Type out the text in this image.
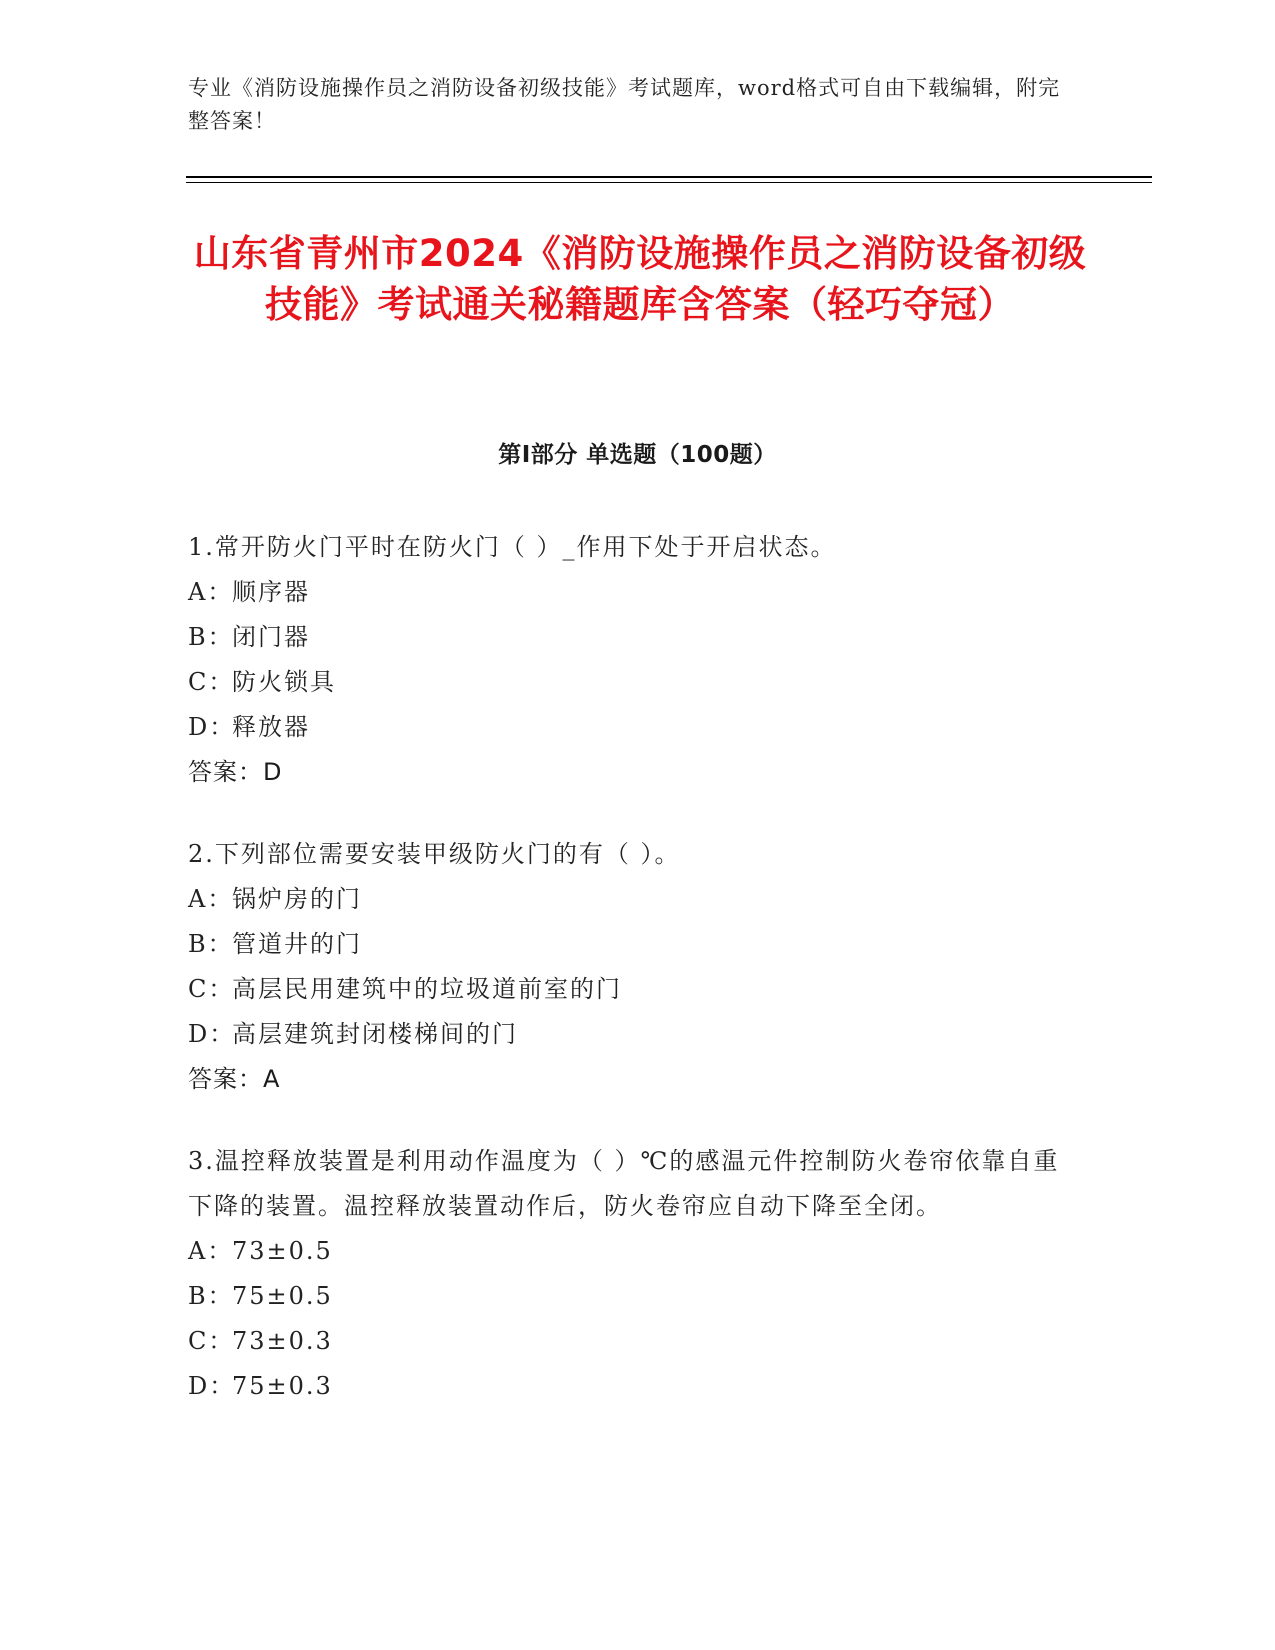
专业《消防设施操作员之消防设备初级技能》考试题库，word格式可自由下载编辑，附完整答案！
山东省青州市2024《消防设施操作员之消防设备初级技能》考试通关秘籍题库含答案（轻巧夺冠）
第Ⅰ部分 单选题（100题）
1.常开防火门平时在防火门（ ）_作用下处于开启状态。
A：顺序器
B：闭门器
C：防火锁具
D：释放器
答案：D
2.下列部位需要安装甲级防火门的有（ ）。
A：锅炉房的门
B：管道井的门
C：高层民用建筑中的垃圾道前室的门
D：高层建筑封闭楼梯间的门
答案：A
3.温控释放装置是利用动作温度为（ ）℃的感温元件控制防火卷帘依靠自重下降的装置。温控释放装置动作后，防火卷帘应自动下降至全闭。
A：73±0.5
B：75±0.5
C：73±0.3
D：75±0.3
